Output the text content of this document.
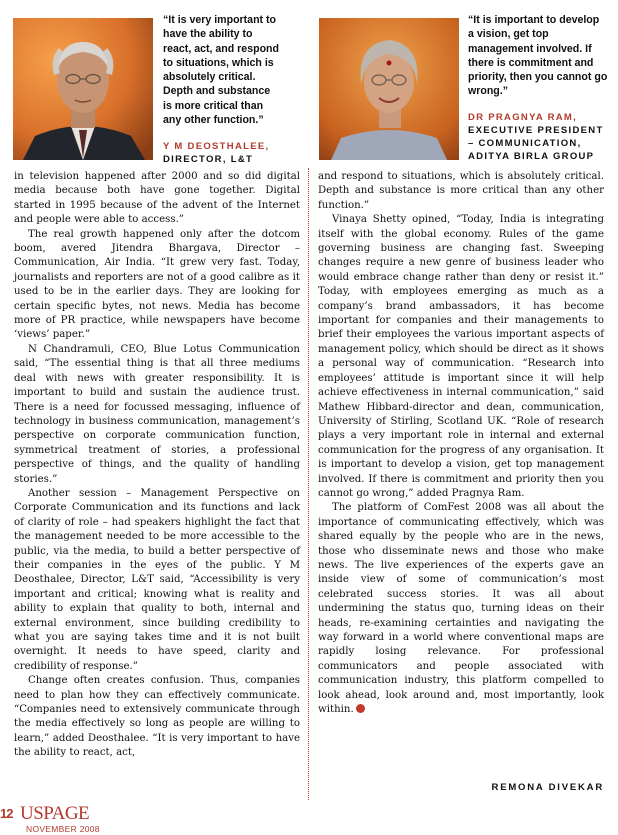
“It is very important to have the ability to react, act, and respond to situations, which is absolutely critical. Depth and substance is more critical than any other function.”
Y M DEOSTHALEE,
DIRECTOR, L&T
“It is important to develop a vision, get top management involved. If there is commitment and priority, then you cannot go wrong.”
DR PRAGNYA RAM,
EXECUTIVE PRESIDENT
– COMMUNICATION,
ADITYA BIRLA GROUP

in television happened after 2000 and so did digital media because both have gone together. Digital started in 1995 because of the advent of the Internet and people were able to access.”

The real growth happened only after the dotcom boom, avered Jitendra Bhargava, Director – Communication, Air India. “It grew very fast. Today, journalists and reporters are not of a good calibre as it used to be in the earlier days. They are looking for certain specific bytes, not news. Media has become more of PR practice, while newspapers have become ‘views’ paper.”

N Chandramuli, CEO, Blue Lotus Communication said, “The essential thing is that all three mediums deal with news with greater responsibility. It is important to build and sustain the audience trust. There is a need for focussed messaging, influence of technology in business communication, management’s perspective on corporate communication function, symmetrical treatment of stories, a professional perspective of things, and the quality of handling stories.”

Another session – Management Perspective on Corporate Communication and its functions and lack of clarity of role – had speakers highlight the fact that the management needed to be more accessible to the public, via the media, to build a better perspective of their companies in the eyes of the public. Y M Deosthalee, Director, L&T said, “Accessibility is very important and critical; knowing what is reality and ability to explain that quality to both, internal and external environment, since building credibility to what you are saying takes time and it is not built overnight. It needs to have speed, clarity and credibility of response.”

Change often creates confusion. Thus, companies need to plan how they can effectively communicate. “Companies need to extensively communicate through the media effectively so long as people are willing to learn,” added Deosthalee. “It is very important to have the ability to react, act,

and respond to situations, which is absolutely critical. Depth and substance is more critical than any other function.”

Vinaya Shetty opined, “Today, India is integrating itself with the global economy. Rules of the game governing business are changing fast. Sweeping changes require a new genre of business leader who would embrace change rather than deny or resist it.” Today, with employees emerging as much as a company’s brand ambassadors, it has become important for companies and their managements to brief their employees the various important aspects of management policy, which should be direct as it shows a personal way of communication. “Research into employees’ attitude is important since it will help achieve effectiveness in internal communication,” said Mathew Hibbard-director and dean, communication, University of Stirling, Scotland UK. “Role of research plays a very important role in internal and external communication for the progress of any organisation. It is important to develop a vision, get top management involved. If there is commitment and priority then you cannot go wrong,” added Pragnya Ram.

The platform of ComFest 2008 was all about the importance of communicating effectively, which was shared equally by the people who are in the news, those who disseminate news and those who make news. The live experiences of the experts gave an inside view of some of communication’s most celebrated success stories. It was all about undermining the status quo, turning ideas on their heads, re-examining certainties and navigating the way forward in a world where conventional maps are rapidly losing relevance. For professional communicators and people associated with communication industry, this platform compelled to look ahead, look around and, most importantly, look within.

REMONA DIVEKAR
12 USPAGE
NOVEMBER 2008
